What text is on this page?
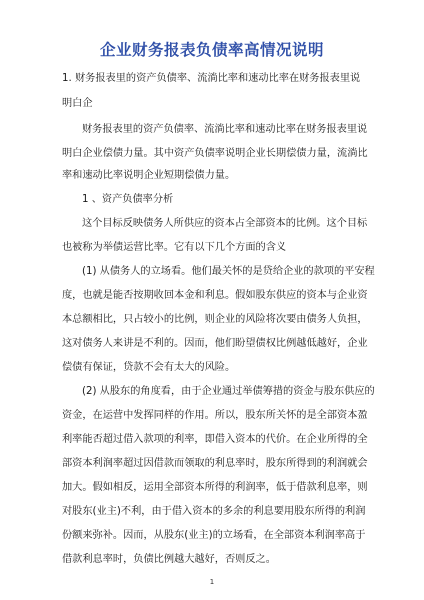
企业财务报表负债率高情况说明
1. 财务报表里的资产负债率、流淌比率和速动比率在财务报表里说
明白企
财务报表里的资产负债率、流淌比率和速动比率在财务报表里说
明白企业偿债力量。其中资产负债率说明企业长期偿债力量，流淌比
率和速动比率说明企业短期偿债力量。
1 、资产负债率分析
这个目标反映债务人所供应的资本占全部资本的比例。这个目标
也被称为举债运营比率。它有以下几个方面的含义
(1) 从债务人的立场看。他们最关怀的是贷给企业的款项的平安程
度，也就是能否按期收回本金和利息。假如股东供应的资本与企业资
本总额相比，只占较小的比例，则企业的风险将次要由债务人负担，
这对债务人来讲是不利的。因而，他们盼望债权比例越低越好，企业
偿债有保证，贷款不会有太大的风险。
(2) 从股东的角度看，由于企业通过举债筹措的资金与股东供应的
资金，在运营中发挥同样的作用。所以，股东所关怀的是全部资本盈
利率能否超过借入款项的利率，即借入资本的代价。在企业所得的全
部资本利润率超过因借款而领取的利息率时，股东所得到的利润就会
加大。假如相反，运用全部资本所得的利润率，低于借款利息率，则
对股东(业主)不利，由于借入资本的多余的利息要用股东所得的利润
份额来弥补。因而，从股东(业主)的立场看，在全部资本利润率高于
借款利息率时，负债比例越大越好，否则反之。
1
